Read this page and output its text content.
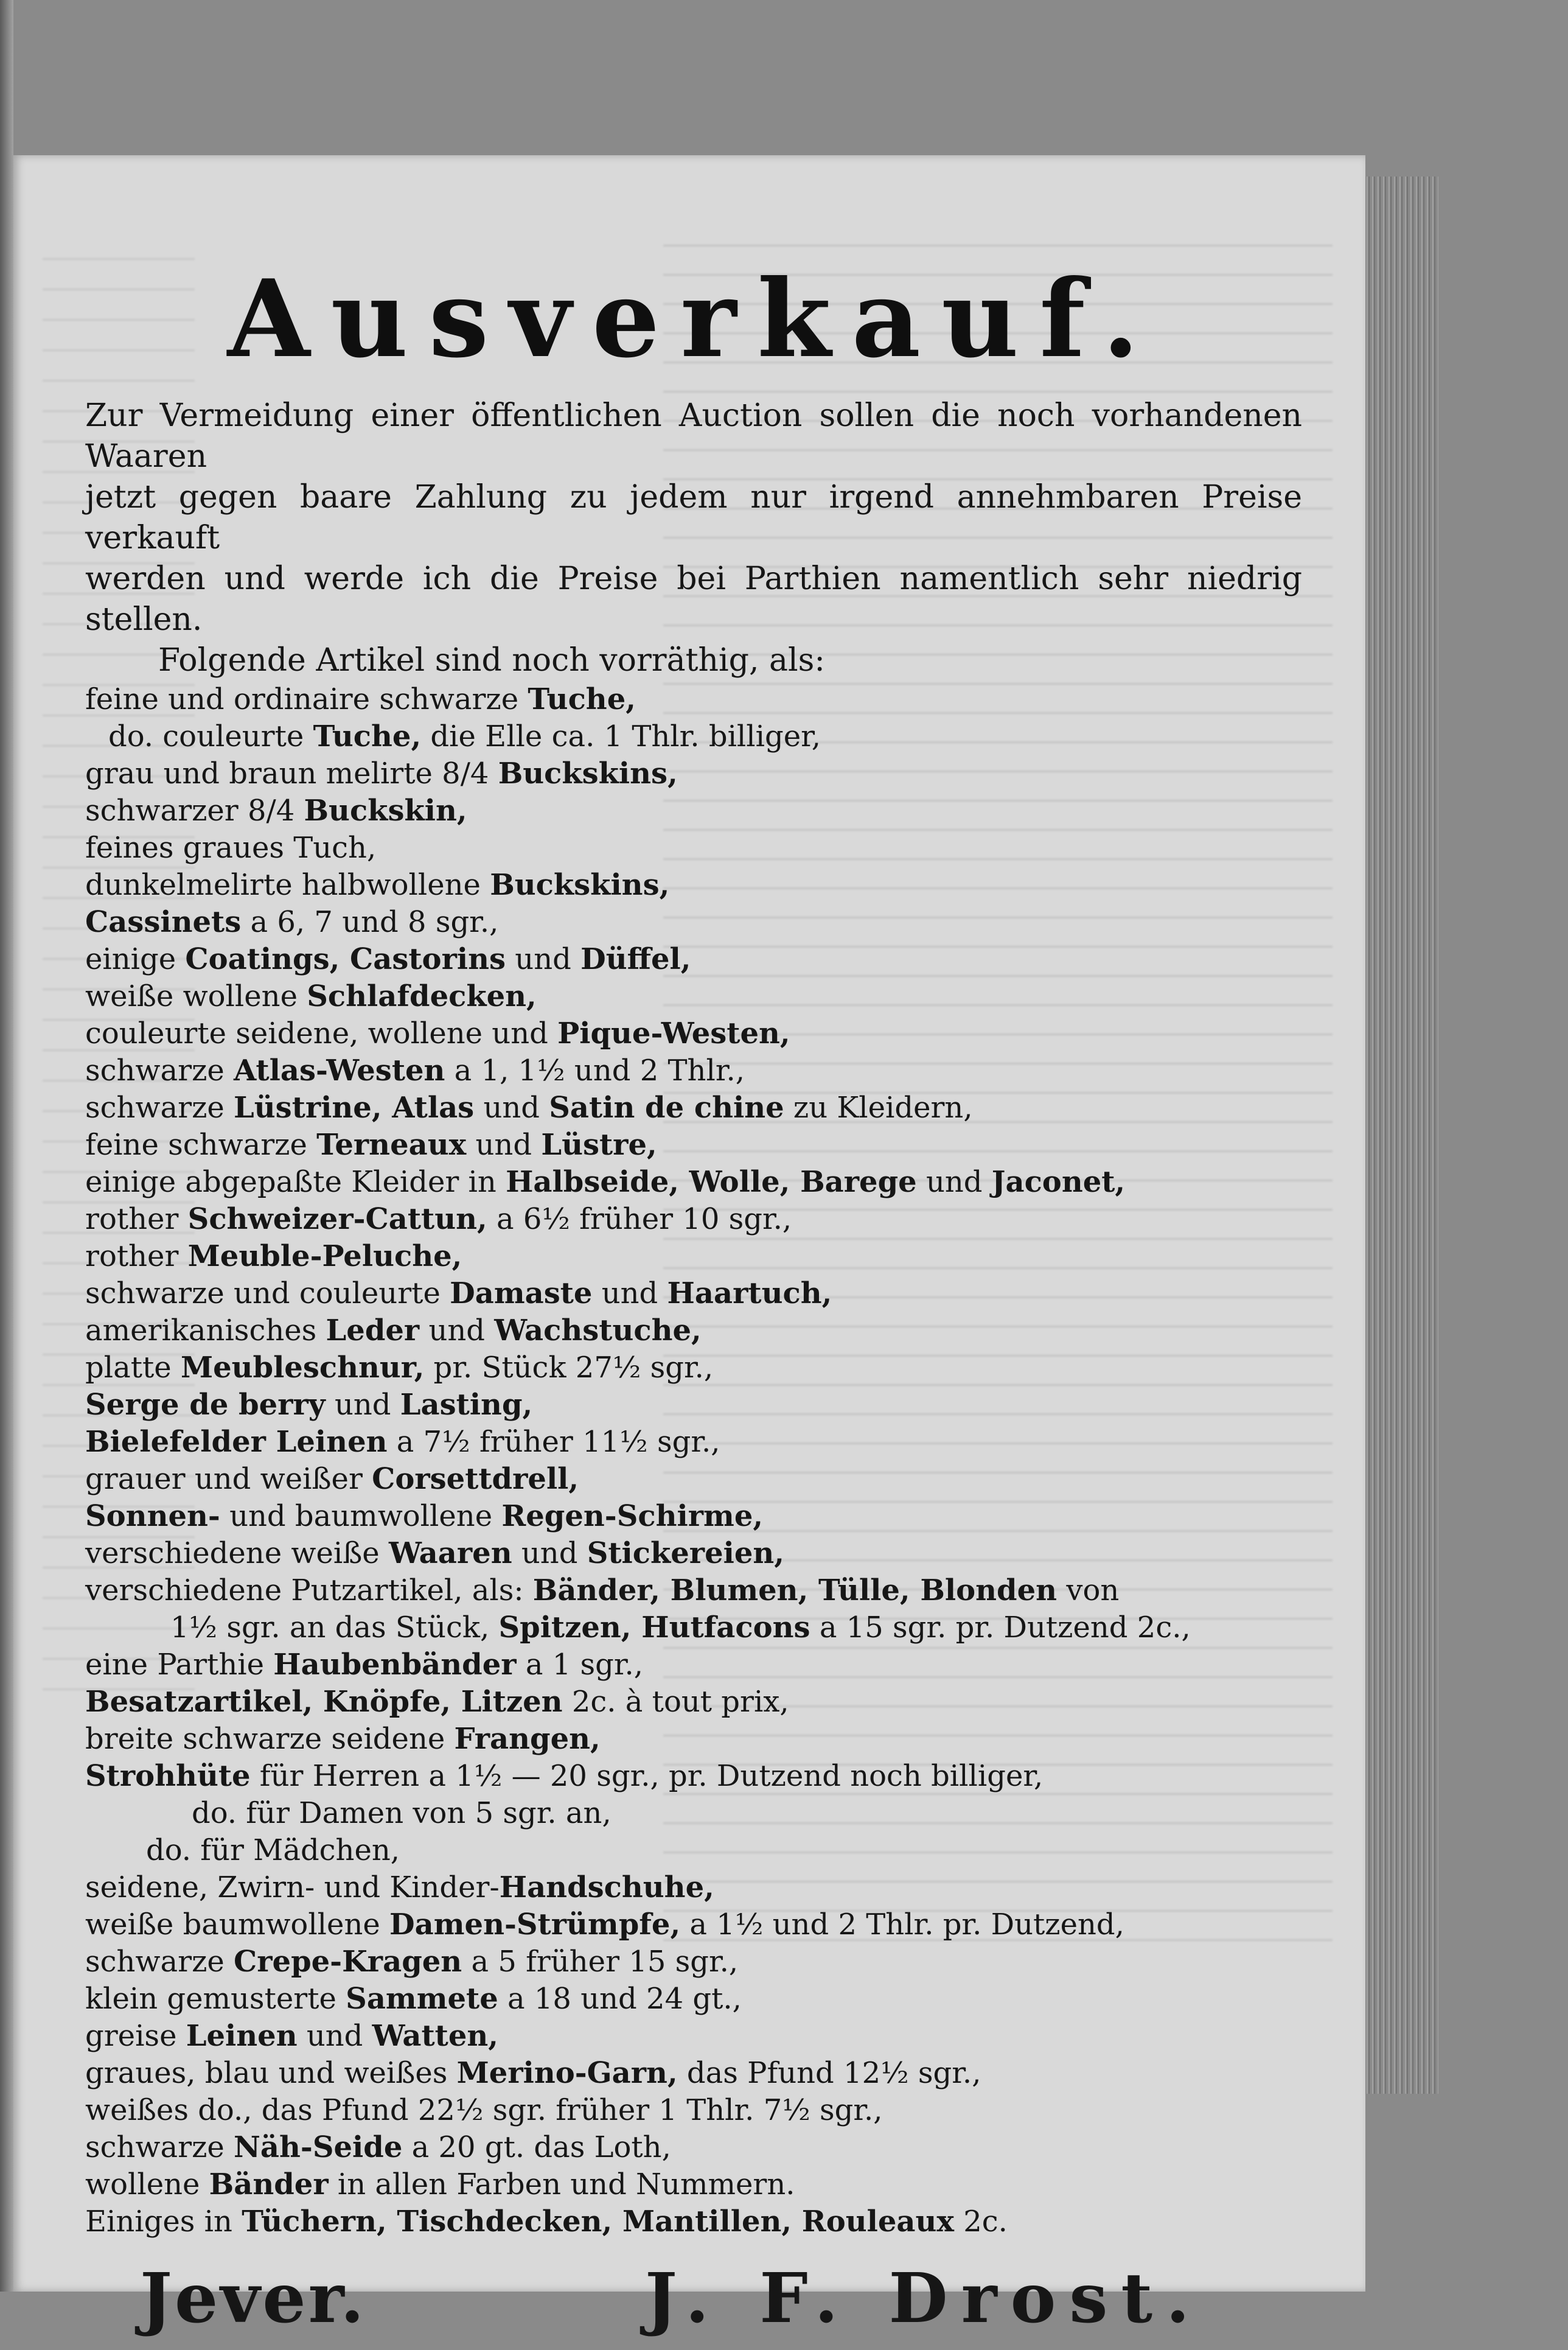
Ausverkauf.
Zur Vermeidung einer öffentlichen Auction sollen die noch vorhandenen Waaren
jetzt gegen baare Zahlung zu jedem nur irgend annehmbaren Preise verkauft
werden und werde ich die Preise bei Parthien namentlich sehr niedrig stellen.
Folgende Artikel sind noch vorräthig, als:
feine und ordinaire schwarze Tuche,
do. couleurte Tuche, die Elle ca. 1 Thlr. billiger,
grau und braun melirte 8/4 Buckskins,
schwarzer 8/4 Buckskin,
feines graues Tuch,
dunkelmelirte halbwollene Buckskins,
Cassinets a 6, 7 und 8 sgr.,
einige Coatings, Castorins und Düffel,
weiße wollene Schlafdecken,
couleurte seidene, wollene und Pique-Westen,
schwarze Atlas-Westen a 1, 1½ und 2 Thlr.,
schwarze Lüstrine, Atlas und Satin de chine zu Kleidern,
feine schwarze Terneaux und Lüstre,
einige abgepaßte Kleider in Halbseide, Wolle, Barege und Jaconet,
rother Schweizer-Cattun, a 6½ früher 10 sgr.,
rother Meuble-Peluche,
schwarze und couleurte Damaste und Haartuch,
amerikanisches Leder und Wachstuche,
platte Meubleschnur, pr. Stück 27½ sgr.,
Serge de berry und Lasting,
Bielefelder Leinen a 7½ früher 11½ sgr.,
grauer und weißer Corsettdrell,
Sonnen- und baumwollene Regen-Schirme,
verschiedene weiße Waaren und Stickereien,
verschiedene Putzartikel, als: Bänder, Blumen, Tülle, Blonden von
1½ sgr. an das Stück, Spitzen, Hutfacons a 15 sgr. pr. Dutzend 2c.,
eine Parthie Haubenbänder a 1 sgr.,
Besatzartikel, Knöpfe, Litzen 2c. à tout prix,
breite schwarze seidene Frangen,
Strohhüte für Herren a 1½ — 20 sgr., pr. Dutzend noch billiger,
do. für Damen von 5 sgr. an,
do. für Mädchen,
seidene, Zwirn- und Kinder-Handschuhe,
weiße baumwollene Damen-Strümpfe, a 1½ und 2 Thlr. pr. Dutzend,
schwarze Crepe-Kragen a 5 früher 15 sgr.,
klein gemusterte Sammete a 18 und 24 gt.,
greise Leinen und Watten,
graues, blau und weißes Merino-Garn, das Pfund 12½ sgr.,
weißes do., das Pfund 22½ sgr. früher 1 Thlr. 7½ sgr.,
schwarze Näh-Seide a 20 gt. das Loth,
wollene Bänder in allen Farben und Nummern.
Einiges in Tüchern, Tischdecken, Mantillen, Rouleaux 2c.
Jever.	J. F. Drost.
